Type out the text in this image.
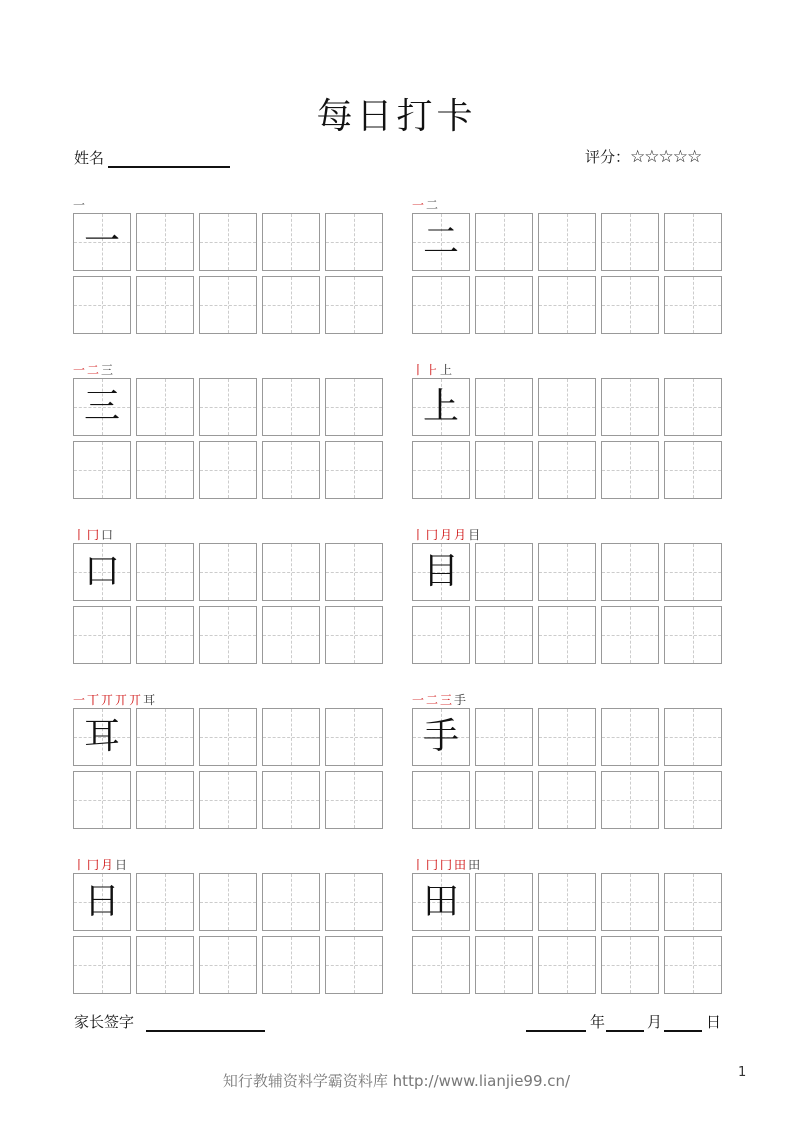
每日打卡
姓名	评分：☆☆☆☆☆
一
一
一二
二
一二三
三
丨⺊上
上
丨冂口
口
丨冂月月目
目
一丅丌丌丌耳
耳
一二三手
手
丨冂月日
日
丨冂冂田田
田
家长签字	年	月	日
知行教辅资料学霸资料库 http://www.lianjie99.cn/	1
